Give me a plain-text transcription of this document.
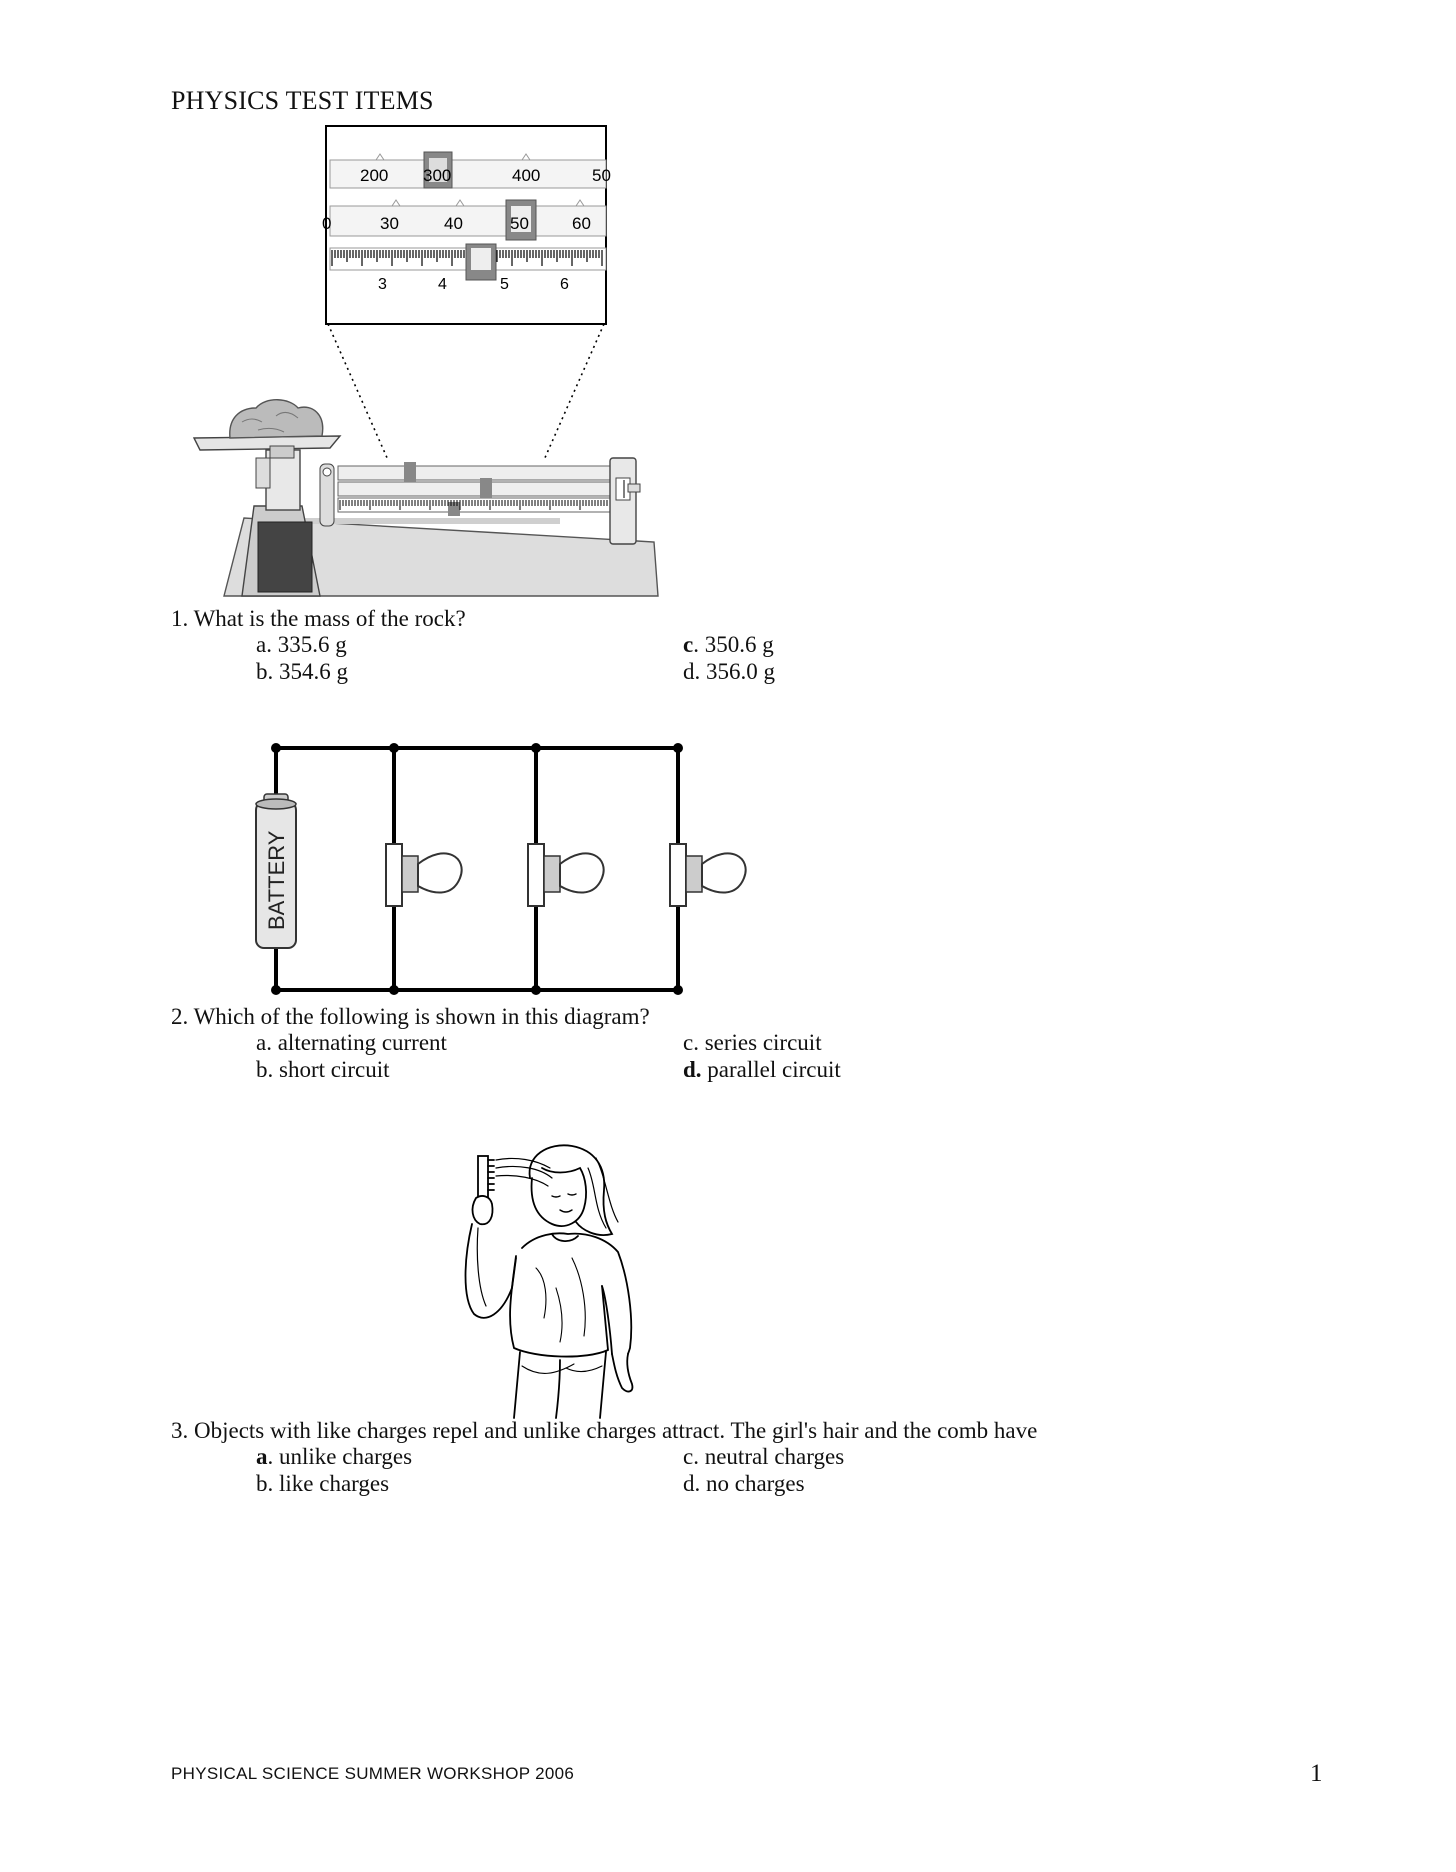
PHYSICS TEST ITEMS
200 300	400	50
0	30	40	50	60
3	4	5	6
1. What is the mass of the rock?
a. 335.6 g
b. 354.6 g
c. 350.6 g
d. 356.0 g
BATTERY
2. Which of the following is shown in this diagram?
a. alternating current
b. short circuit
c. series circuit
d. parallel circuit
3. Objects with like charges repel and unlike charges attract. The girl's hair and the comb have
a. unlike charges
b. like charges
c. neutral charges
d. no charges
PHYSICAL SCIENCE SUMMER WORKSHOP 2006	1
